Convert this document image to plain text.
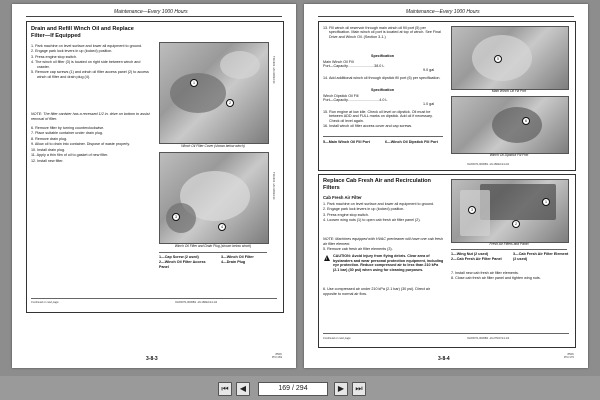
Maintenance—Every 1000 Hours
Drain and Refill Winch Oil and Replace
Filter—If Equipped
1. Park machine on level surface and lower all equipment to ground.
2. Engage park lock levers in up (locked) position.
3. Press engine stop switch.
4. The winch oil filter (3) is located on right side between winch and crawler.
5. Remove cap screws (1) and winch oil filter access panel (2) to access winch oil filter and drain plug (4).
NOTE: The filter canister has a recessed 1/2 in. drive on bottom to assist removal of filter.
6. Remove filter by turning counterclockwise.
7. Place suitable container under drain plug.
8. Remove drain plug.
9. Allow oil to drain into container. Dispose of waste properly.
10. Install drain plug.
11. Apply a thin film of oil to gasket of new filter.
12. Install new filter.
1
2
Winch Oil Filter Cover (shown below winch)
T311933 -UN-16DEC14
3
4
Winch Oil Filter and Drain Plug (shown below winch)
T311934 -UN-16DEC14
1—Cap Screw (2 used)
2—Winch Oil Filter Access Panel
3—Winch Oil Filter
4—Drain Plug
Continued on next page	OHX6071,0000B1 -19-16DEC14-1/2
3-8-3
850K
PN=169
Maintenance—Every 1000 Hours
13. Fill winch oil reservoir through main winch oil fill port (5) per specification. Main winch oil port is located at top of winch. See Final Drive and Winch Oil. (Section 3-1.)
Specification
Main Winch Oil Fill
Port—Capacity..........................38.0 L
9.0 gal
14. Add additional winch oil through dipstick fill port (6) per specification.
Specification
Winch Dipstick Oil Fill
Port—Capacity...............................4.0 L
1.0 gal
15. Run engine at low idle. Check oil level on dipstick. Oil must be between ADD and FULL marks on dipstick. Add oil if necessary. Check oil level again.
16. Install winch oil filter access cover and cap screws.
5—Main Winch Oil Fill Port	6—Winch Oil Dipstick Fill Port
5
Main Winch Oil Fill Port
6
Winch Oil Dipstick Fill Port
OHX6071,0000B1 -19-16DEC14-2/2
Replace Cab Fresh Air and Recirculation
Filters
Cab Fresh Air Filter
1. Park machine on level surface and lower all equipment to ground.
2. Engage park lock levers in up (locked) position.
3. Press engine stop switch.
4. Loosen wing nuts (1) to open cab fresh air filter panel (2).
NOTE: Machines equipped with HVAC precleaner will have one cab fresh air filter element.
5. Remove cab fresh air filter elements (3).
!
CAUTION: Avoid injury from flying debris. Clear area of bystanders and wear personal protection equipment, including eye protection. Reduce compressed air to less than 210 kPa (2.1 bar) (30 psi) when using for cleaning purposes.
6. Use compressed air under 210 kPa (2.1 bar) (30 psi). Direct air opposite to normal air flow.
1
2
3
Fresh Air Filters and Panel
1—Wing Nut (2 used)
2—Cab Fresh Air Filter Panel
3—Cab Fresh Air Filter Element (2 used)
7. Install new cab fresh air filter elements.
8. Close cab fresh air filter panel and tighten wing nuts.
Continued on next page	OHX6071,0000B2 -19-27NOV14-1/2
3-8-4
850K
PN=170
⏮	◀	169 / 294	▶	⏭
